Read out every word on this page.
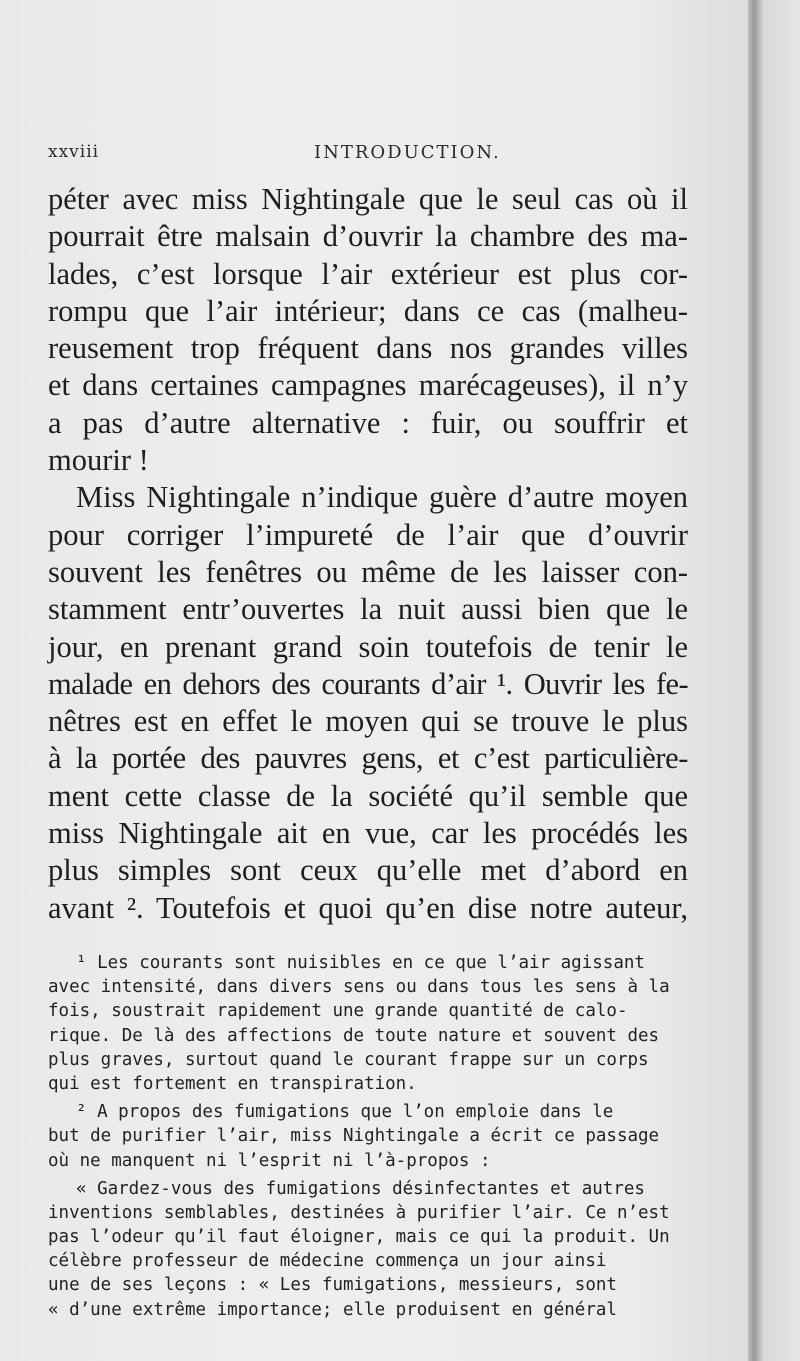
xxviii	INTRODUCTION.
péter avec miss Nightingale que le seul cas où il
pourrait être malsain d’ouvrir la chambre des ma-
lades, c’est lorsque l’air extérieur est plus cor-
rompu que l’air intérieur; dans ce cas (malheu-
reusement trop fréquent dans nos grandes villes
et dans certaines campagnes marécageuses), il n’y
a pas d’autre alternative : fuir, ou souffrir et
mourir !
Miss Nightingale n’indique guère d’autre moyen
pour corriger l’impureté de l’air que d’ouvrir
souvent les fenêtres ou même de les laisser con-
stamment entr’ouvertes la nuit aussi bien que le
jour, en prenant grand soin toutefois de tenir le
malade en dehors des courants d’air ¹. Ouvrir les fe-
nêtres est en effet le moyen qui se trouve le plus
à la portée des pauvres gens, et c’est particulière-
ment cette classe de la société qu’il semble que
miss Nightingale ait en vue, car les procédés les
plus simples sont ceux qu’elle met d’abord en
avant ². Toutefois et quoi qu’en dise notre auteur,
¹ Les courants sont nuisibles en ce que l’air agissant
avec intensité, dans divers sens ou dans tous les sens à la
fois, soustrait rapidement une grande quantité de calo-
rique. De là des affections de toute nature et souvent des
plus graves, surtout quand le courant frappe sur un corps
qui est fortement en transpiration.
² A propos des fumigations que l’on emploie dans le
but de purifier l’air, miss Nightingale a écrit ce passage
où ne manquent ni l’esprit ni l’à-propos :
« Gardez-vous des fumigations désinfectantes et autres
inventions semblables, destinées à purifier l’air. Ce n’est
pas l’odeur qu’il faut éloigner, mais ce qui la produit. Un
célèbre professeur de médecine commença un jour ainsi
une de ses leçons : « Les fumigations, messieurs, sont
« d’une extrême importance; elle produisent en général
